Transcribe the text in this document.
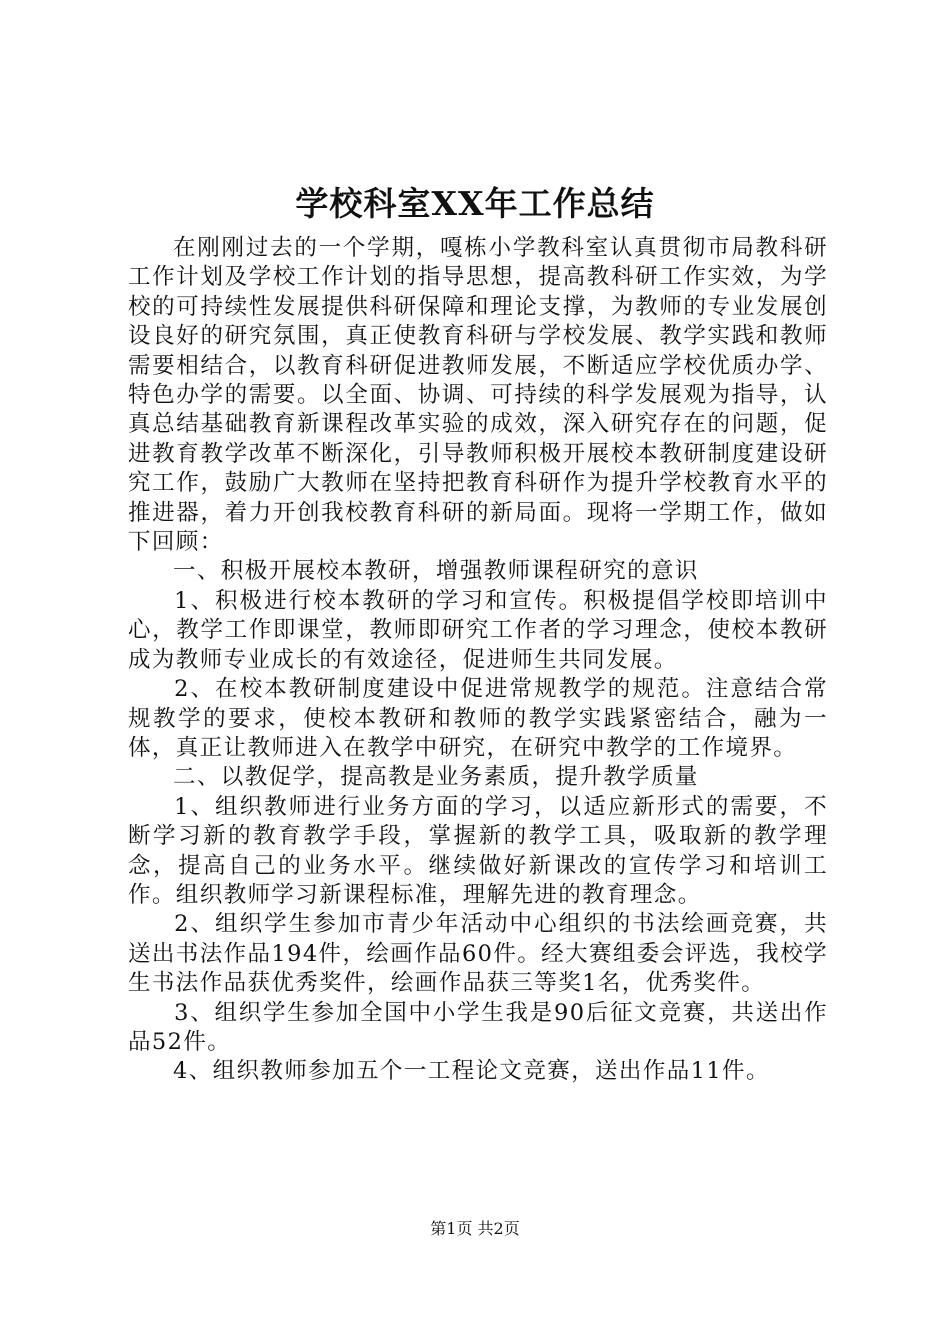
学校科室XX年工作总结

在刚刚过去的一个学期，嘎栋小学教科室认真贯彻市局教科研工作计划及学校工作计划的指导思想，提高教科研工作实效，为学校的可持续性发展提供科研保障和理论支撑，为教师的专业发展创设良好的研究氛围，真正使教育科研与学校发展、教学实践和教师需要相结合，以教育科研促进教师发展，不断适应学校优质办学、特色办学的需要。以全面、协调、可持续的科学发展观为指导，认真总结基础教育新课程改革实验的成效，深入研究存在的问题，促进教育教学改革不断深化，引导教师积极开展校本教研制度建设研究工作，鼓励广大教师在坚持把教育科研作为提升学校教育水平的推进器，着力开创我校教育科研的新局面。现将一学期工作，做如下回顾：

一、积极开展校本教研，增强教师课程研究的意识

1、积极进行校本教研的学习和宣传。积极提倡学校即培训中心，教学工作即课堂，教师即研究工作者的学习理念，使校本教研成为教师专业成长的有效途径，促进师生共同发展。

2、在校本教研制度建设中促进常规教学的规范。注意结合常规教学的要求，使校本教研和教师的教学实践紧密结合，融为一体，真正让教师进入在教学中研究，在研究中教学的工作境界。

二、以教促学，提高教是业务素质，提升教学质量

1、组织教师进行业务方面的学习，以适应新形式的需要，不断学习新的教育教学手段，掌握新的教学工具，吸取新的教学理念，提高自己的业务水平。继续做好新课改的宣传学习和培训工作。组织教师学习新课程标准，理解先进的教育理念。

2、组织学生参加市青少年活动中心组织的书法绘画竞赛，共送出书法作品194件，绘画作品60件。经大赛组委会评选，我校学生书法作品获优秀奖件，绘画作品获三等奖1名，优秀奖件。

3、组织学生参加全国中小学生我是90后征文竞赛，共送出作品52件。

4、组织教师参加五个一工程论文竞赛，送出作品11件。

第1页 共2页
